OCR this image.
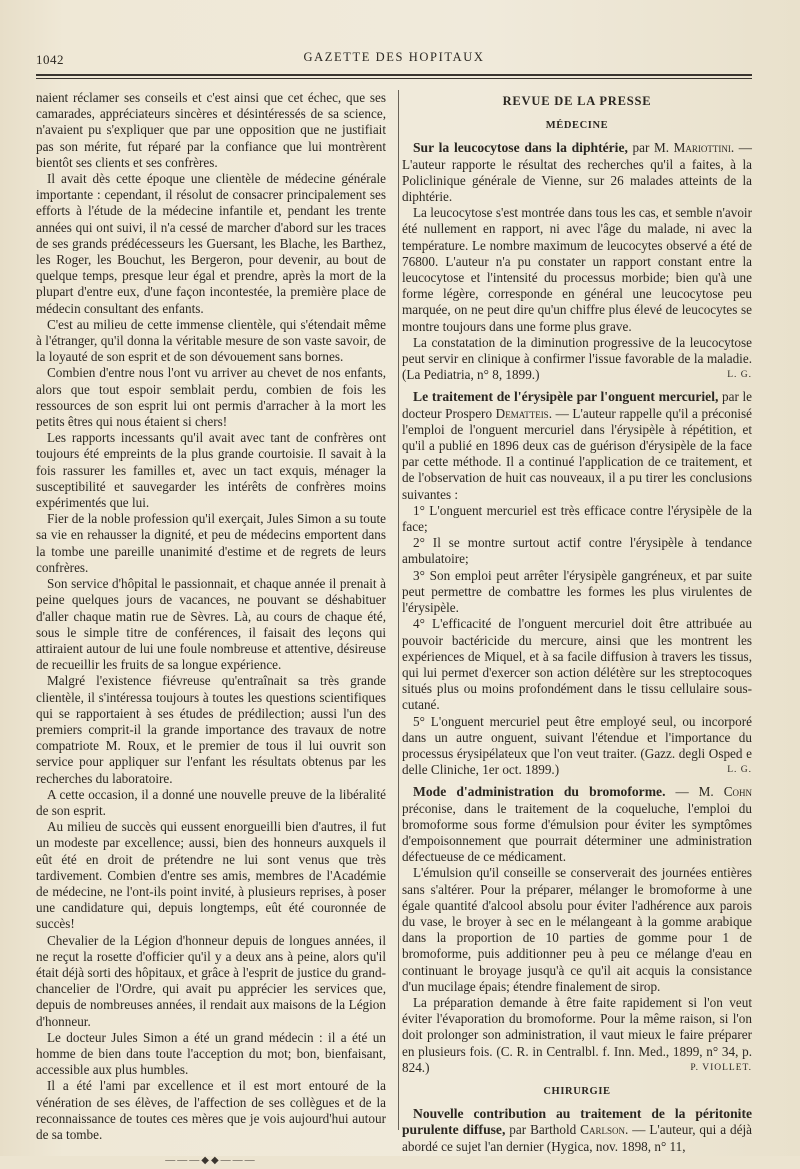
1042	GAZETTE DES HOPITAUX

naient réclamer ses conseils et c'est ainsi que cet échec, que ses camarades, appréciateurs sincères et désintéressés de sa science, n'avaient pu s'expliquer que par une opposition que ne justifiait pas son mérite, fut réparé par la confiance que lui montrèrent bientôt ses clients et ses confrères.

Il avait dès cette époque une clientèle de médecine générale importante : cependant, il résolut de consacrer principalement ses efforts à l'étude de la médecine infantile et, pendant les trente années qui ont suivi, il n'a cessé de marcher d'abord sur les traces de ses grands prédécesseurs les Guersant, les Blache, les Barthez, les Roger, les Bouchut, les Bergeron, pour devenir, au bout de quelque temps, presque leur égal et prendre, après la mort de la plupart d'entre eux, d'une façon incontestée, la première place de médecin consultant des enfants.

C'est au milieu de cette immense clientèle, qui s'étendait même à l'étranger, qu'il donna la véritable mesure de son vaste savoir, de la loyauté de son esprit et de son dévouement sans bornes.

Combien d'entre nous l'ont vu arriver au chevet de nos enfants, alors que tout espoir semblait perdu, combien de fois les ressources de son esprit lui ont permis d'arracher à la mort les petits êtres qui nous étaient si chers!

Les rapports incessants qu'il avait avec tant de confrères ont toujours été empreints de la plus grande courtoisie. Il savait à la fois rassurer les familles et, avec un tact exquis, ménager la susceptibilité et sauvegarder les intérêts de confrères moins expérimentés que lui.

Fier de la noble profession qu'il exerçait, Jules Simon a su toute sa vie en rehausser la dignité, et peu de médecins emportent dans la tombe une pareille unanimité d'estime et de regrets de leurs confrères.

Son service d'hôpital le passionnait, et chaque année il prenait à peine quelques jours de vacances, ne pouvant se déshabituer d'aller chaque matin rue de Sèvres. Là, au cours de chaque été, sous le simple titre de conférences, il faisait des leçons qui attiraient autour de lui une foule nombreuse et attentive, désireuse de recueillir les fruits de sa longue expérience.

Malgré l'existence fiévreuse qu'entraînait sa très grande clientèle, il s'intéressa toujours à toutes les questions scientifiques qui se rapportaient à ses études de prédilection; aussi l'un des premiers comprit-il la grande importance des travaux de notre compatriote M. Roux, et le premier de tous il lui ouvrit son service pour appliquer sur l'enfant les résultats obtenus par les recherches du laboratoire.

A cette occasion, il a donné une nouvelle preuve de la libéralité de son esprit.

Au milieu de succès qui eussent enorgueilli bien d'autres, il fut un modeste par excellence; aussi, bien des honneurs auxquels il eût été en droit de prétendre ne lui sont venus que très tardivement. Combien d'entre ses amis, membres de l'Académie de médecine, ne l'ont-ils point invité, à plusieurs reprises, à poser une candidature qui, depuis longtemps, eût été couronnée de succès!

Chevalier de la Légion d'honneur depuis de longues années, il ne reçut la rosette d'officier qu'il y a deux ans à peine, alors qu'il était déjà sorti des hôpitaux, et grâce à l'esprit de justice du grand-chancelier de l'Ordre, qui avait pu apprécier les services que, depuis de nombreuses années, il rendait aux maisons de la Légion d'honneur.

Le docteur Jules Simon a été un grand médecin : il a été un homme de bien dans toute l'acception du mot; bon, bienfaisant, accessible aux plus humbles.

Il a été l'ami par excellence et il est mort entouré de la vénération de ses élèves, de l'affection de ses collègues et de la reconnaissance de toutes ces mères que je vois aujourd'hui autour de sa tombe.

———◆◆———
REVUE DE LA PRESSE
MÉDECINE

Sur la leucocytose dans la diphtérie, par M. Mariottini. — L'auteur rapporte le résultat des recherches qu'il a faites, à la Policlinique générale de Vienne, sur 26 malades atteints de la diphtérie.

La leucocytose s'est montrée dans tous les cas, et semble n'avoir été nullement en rapport, ni avec l'âge du malade, ni avec la température. Le nombre maximum de leucocytes observé a été de 76800. L'auteur n'a pu constater un rapport constant entre la leucocytose et l'intensité du processus morbide; bien qu'à une forme légère, corresponde en général une leucocytose peu marquée, on ne peut dire qu'un chiffre plus élevé de leucocytes se montre toujours dans une forme plus grave.

La constatation de la diminution progressive de la leucocytose peut servir en clinique à confirmer l'issue favorable de la maladie. (La Pediatria, n° 8, 1899.)	L. G.

Le traitement de l'érysipèle par l'onguent mercuriel, par le docteur Prospero Dematteis. — L'auteur rappelle qu'il a préconisé l'emploi de l'onguent mercuriel dans l'érysipèle à répétition, et qu'il a publié en 1896 deux cas de guérison d'érysipèle de la face par cette méthode. Il a continué l'application de ce traitement, et de l'observation de huit cas nouveaux, il a pu tirer les conclusions suivantes :

1° L'onguent mercuriel est très efficace contre l'érysipèle de la face;

2° Il se montre surtout actif contre l'érysipèle à tendance ambulatoire;

3° Son emploi peut arrêter l'érysipèle gangréneux, et par suite peut permettre de combattre les formes les plus virulentes de l'érysipèle.

4° L'efficacité de l'onguent mercuriel doit être attribuée au pouvoir bactéricide du mercure, ainsi que les montrent les expériences de Miquel, et à sa facile diffusion à travers les tissus, qui lui permet d'exercer son action délétère sur les streptocoques situés plus ou moins profondément dans le tissu cellulaire sous-cutané.

5° L'onguent mercuriel peut être employé seul, ou incorporé dans un autre onguent, suivant l'étendue et l'importance du processus érysipélateux que l'on veut traiter. (Gazz. degli Osped e delle Cliniche, 1er oct. 1899.)	L. G.

Mode d'administration du bromoforme. — M. Cohn préconise, dans le traitement de la coqueluche, l'emploi du bromoforme sous forme d'émulsion pour éviter les symptômes d'empoisonnement que pourrait déterminer une administration défectueuse de ce médicament.

L'émulsion qu'il conseille se conserverait des journées entières sans s'altérer. Pour la préparer, mélanger le bromoforme à une égale quantité d'alcool absolu pour éviter l'adhérence aux parois du vase, le broyer à sec en le mélangeant à la gomme arabique dans la proportion de 10 parties de gomme pour 1 de bromoforme, puis additionner peu à peu ce mélange d'eau en continuant le broyage jusqu'à ce qu'il ait acquis la consistance d'un mucilage épais; étendre finalement de sirop.

La préparation demande à être faite rapidement si l'on veut éviter l'évaporation du bromoforme. Pour la même raison, si l'on doit prolonger son administration, il vaut mieux le faire préparer en plusieurs fois. (C. R. in Centralbl. f. Inn. Med., 1899, n° 34, p. 824.)	P. VIOLLET.

CHIRURGIE

Nouvelle contribution au traitement de la péritonite purulente diffuse, par Barthold Carlson. — L'auteur, qui a déjà abordé ce sujet l'an dernier (Hygica, nov. 1898, n° 11,
